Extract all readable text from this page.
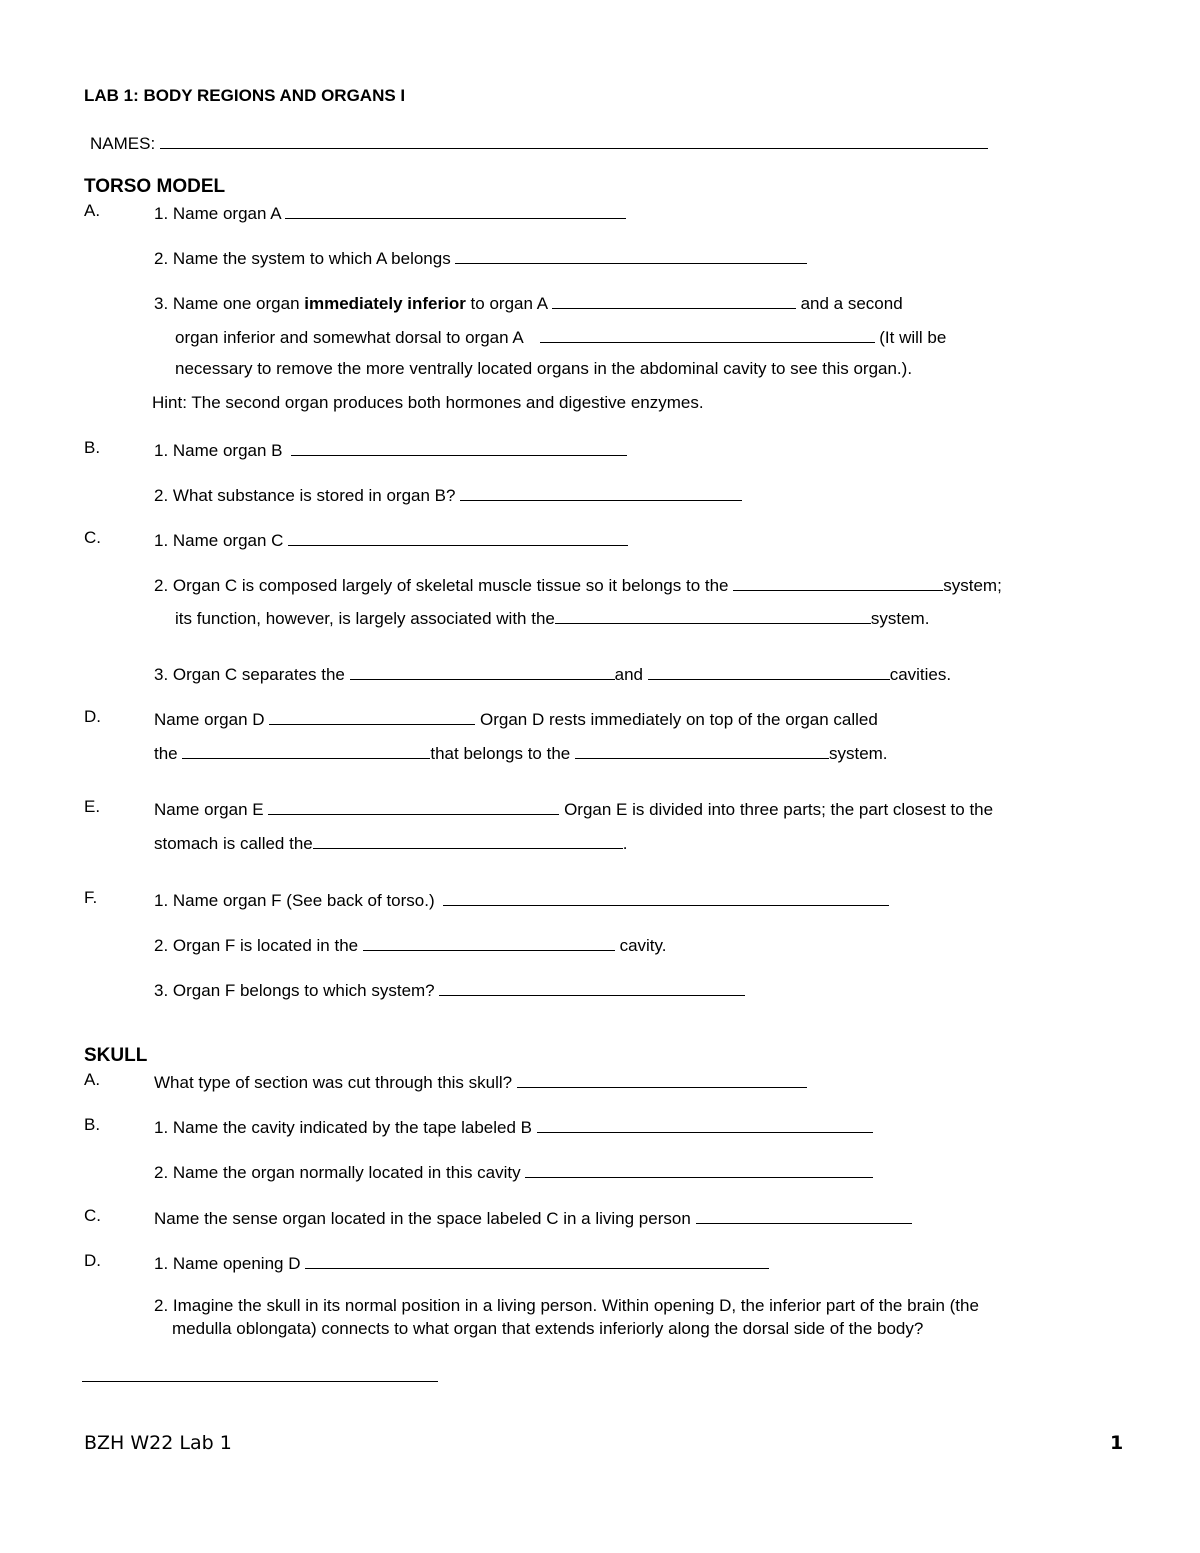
LAB 1: BODY REGIONS AND ORGANS I
NAMES:
TORSO MODEL
A.	1. Name organ A
2. Name the system to which A belongs
3. Name one organ immediately inferior to organ A	and a second
organ inferior and somewhat dorsal to organ A	(It will be
necessary to remove the more ventrally located organs in the abdominal cavity to see this organ.).
Hint: The second organ produces both hormones and digestive enzymes.
B.	1. Name organ B
2. What substance is stored in organ B?
C.	1. Name organ C
2. Organ C is composed largely of skeletal muscle tissue so it belongs to the	system;
its function, however, is largely associated with the	system.
3. Organ C separates the	and	cavities.
D.	Name organ D	Organ D rests immediately on top of the organ called
the	that belongs to the	system.
E.	Name organ E	Organ E is divided into three parts; the part closest to the
stomach is called the	.
F.	1. Name organ F (See back of torso.)
2. Organ F is located in the	cavity.
3. Organ F belongs to which system?
SKULL
A.	What type of section was cut through this skull?
B.	1. Name the cavity indicated by the tape labeled B
2. Name the organ normally located in this cavity
C.	Name the sense organ located in the space labeled C in a living person
D.	1. Name opening D
2. Imagine the skull in its normal position in a living person. Within opening D, the inferior part of the brain (the
medulla oblongata) connects to what organ that extends inferiorly along the dorsal side of the body?
BZH W22 Lab 1	1
